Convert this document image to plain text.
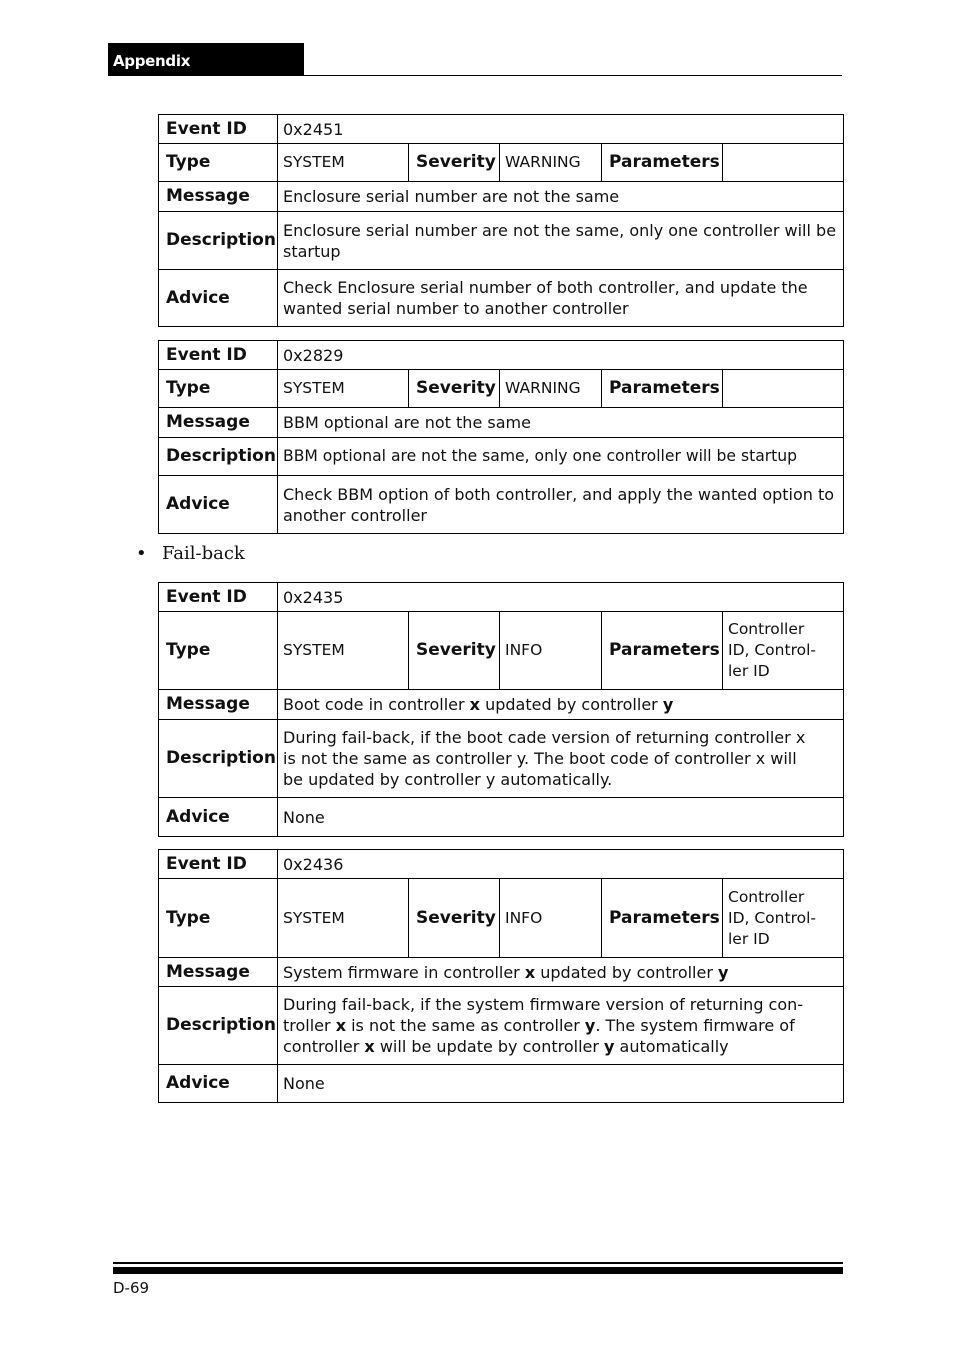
Appendix
Event ID	0x2451				
Type	SYSTEM	Severity	WARNING	Parameters	
Message	Enclosure serial number are not the same				
Description	Enclosure serial number are not the same, only one controller will be startup				
Advice	Check Enclosure serial number of both controller, and update the wanted serial number to another controller				
Event ID	0x2829				
Type	SYSTEM	Severity	WARNING	Parameters	
Message	BBM optional are not the same				
Description	BBM optional are not the same, only one controller will be startup				
Advice	Check BBM option of both controller, and apply the wanted option to another controller				
• Fail-back
Event ID	0x2435				
Type	SYSTEM	Severity	INFO	Parameters	Controller
ID, Control-
ler ID
Message	Boot code in controller x updated by controller y				
Description	During fail-back, if the boot cade version of returning controller x
is not the same as controller y. The boot code of controller x will
be updated by controller y automatically.				
Advice	None				
Event ID	0x2436				
Type	SYSTEM	Severity	INFO	Parameters	Controller
ID, Control-
ler ID
Message	System firmware in controller x updated by controller y				
Description	During fail-back, if the system firmware version of returning con-
troller x is not the same as controller y. The system firmware of
controller x will be update by controller y automatically				
Advice	None				
D-69
